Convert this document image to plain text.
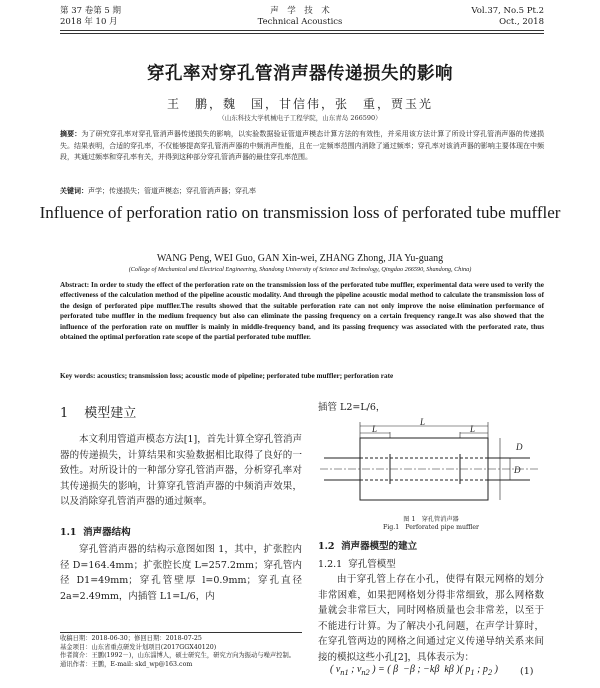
第 37 卷第 5 期
2018 年 10 月
声　学　技　术
Technical Acoustics
Vol.37, No.5 Pt.2
Oct., 2018
穿孔率对穿孔管消声器传递损失的影响
王　鹏，魏　国，甘信伟，张　重，贾玉光
（山东科技大学机械电子工程学院，山东青岛 266590）
摘要：为了研究穿孔率对穿孔管消声器传递损失的影响，以实验数据验证管道声模态计算方法的有效性，并采用该方法计算了所设计穿孔管消声器的传递损失。结果表明，合适的穿孔率，不仅能够提高穿孔管消声器的中频消声性能，且在一定频率范围内消除了通过频率；穿孔率对该消声器的影响主要体现在中频段，其通过频率和穿孔率有关，并得到这种部分穿孔管消声器的最佳穿孔率范围。
关键词：声学；传递损失；管道声模态；穿孔管消声器；穿孔率
Influence of perforation ratio on transmission loss of perforated tube muffler
WANG Peng, WEI Guo, GAN Xin-wei, ZHANG Zhong, JIA Yu-guang
(College of Mechanical and Electrical Engineering, Shandong University of Science and Technology, Qingdao 266590, Shandong, China)
Abstract: In order to study the effect of the perforation rate on the transmission loss of the perforated tube muffler, experimental data were used to verify the effectiveness of the calculation method of the pipeline acoustic modality. And through the pipeline acoustic modal method to calculate the transmission loss of the design of perforated pipe muffler.The results showed that the suitable perforation rate can not only improve the noise elimination performance of perforated tube muffler in the medium frequency but also can eliminate the passing frequency on a certain frequency range.It was also showed that the influence of the perforation rate on muffler is mainly in middle-frequency band, and its passing frequency was associated with the perforated rate, thus obtained the optimal perforation rate scope of the partial perforated tube muffler.
Key words: acoustics; transmission loss; acoustic mode of pipeline; perforated tube muffler; perforation rate
1 模型建立
本文利用管道声模态方法[1]，首先计算全穿孔管消声器的传递损失，计算结果和实验数据相比取得了良好的一致性。对所设计的一种部分穿孔管消声器，分析穿孔率对其传递损失的影响，计算穿孔管消声器的中频消声效果，以及消除穿孔管消声器的通过频率。
1.1 消声器结构
穿孔管消声器的结构示意图如图 1，其中，扩张腔内径 D=164.4mm；扩张腔长度 L=257.2mm；穿孔管内径 D1=49mm；穿孔管壁厚 l=0.9mm；穿孔直径 2a=2.49mm，内插管 L1=L/6，内
插管 L2=L/6，
L
L	L
D
D
图 1　穿孔管消声器
Fig.1　Perforated pipe muffler
1.2 消声器模型的建立
1.2.1 穿孔管模型
由于穿孔管上存在小孔，使得有限元网格的划分非常困难，如果把网格划分得非常细致，那么网格数量就会非常巨大，同时网格质量也会非常差，以至于不能进行计算。为了解决小孔问题，在声学计算时，在穿孔管两边的网格之间通过定义传递导纳关系来间接的模拟这些小孔[2]，具体表示为：
( $v_{n1}$ ; $v_{n2}$ ) = ( β  −β ; −kβ  kβ )( $p_1$ ; $p_2$ ) (1)
收稿日期：2018-06-30；修回日期：2018-07-25
基金项目：山东省重点研发计划项目(2017GGX40120)
作者简介：王鹏(1992－)，山东淄博人，硕士研究生，研究方向为振动与噪声控制。
通讯作者：王鹏，E-mail: skd_wp@163.com
